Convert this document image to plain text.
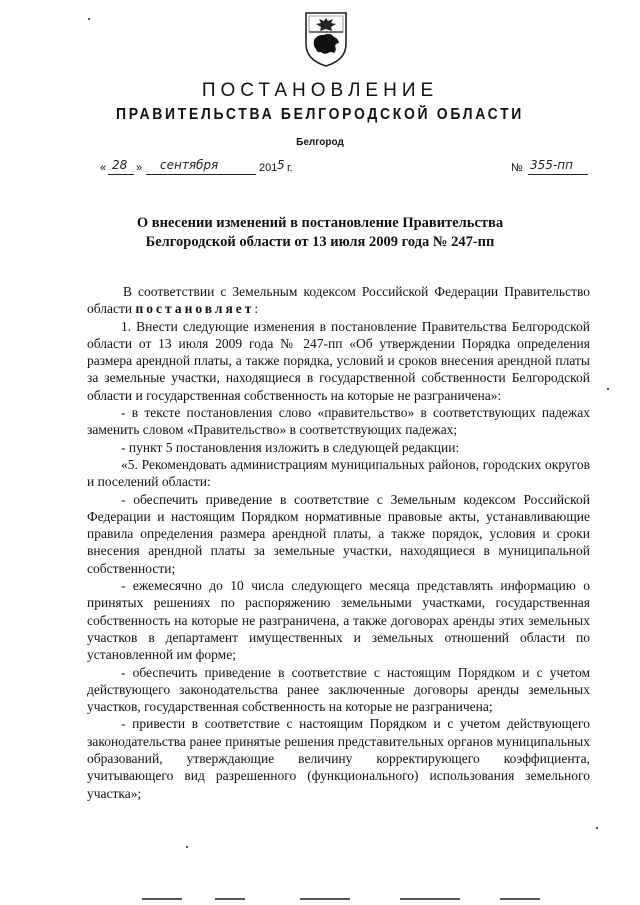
ПОСТАНОВЛЕНИЕ
ПРАВИТЕЛЬСТВА БЕЛГОРОДСКОЙ ОБЛАСТИ
Белгород
« 28 » сентября	201 5 г.	№ 355-пп
О внесении изменений в постановление Правительства
Белгородской области от 13 июля 2009 года № 247-пп

В соответствии с Земельным кодексом Российской Федерации Правительство области постановляет:

1. Внести следующие изменения в постановление Правительства Белгородской области от 13 июля 2009 года № 247-пп «Об утверждении Порядка определения размера арендной платы, а также порядка, условий и сроков внесения арендной платы за земельные участки, находящиеся в государственной собственности Белгородской области и государственная собственность на которые не разграничена»:

- в тексте постановления слово «правительство» в соответствующих падежах заменить словом «Правительство» в соответствующих падежах;

- пункт 5 постановления изложить в следующей редакции:

«5. Рекомендовать администрациям муниципальных районов, городских округов и поселений области:

- обеспечить приведение в соответствие с Земельным кодексом Российской Федерации и настоящим Порядком нормативные правовые акты, устанавливающие правила определения размера арендной платы, а также порядок, условия и сроки внесения арендной платы за земельные участки, находящиеся в муниципальной собственности;

- ежемесячно до 10 числа следующего месяца представлять информацию о принятых решениях по распоряжению земельными участками, государственная собственность на которые не разграничена, а также договорах аренды этих земельных участков в департамент имущественных и земельных отношений области по установленной им форме;

- обеспечить приведение в соответствие с настоящим Порядком и с учетом действующего законодательства ранее заключенные договоры аренды земельных участков, государственная собственность на которые не разграничена;

- привести в соответствие с настоящим Порядком и с учетом действующего законодательства ранее принятые решения представительных органов муниципальных образований, утверждающие величину корректирующего коэффициента, учитывающего вид разрешенного (функционального) использования земельного участка»;
